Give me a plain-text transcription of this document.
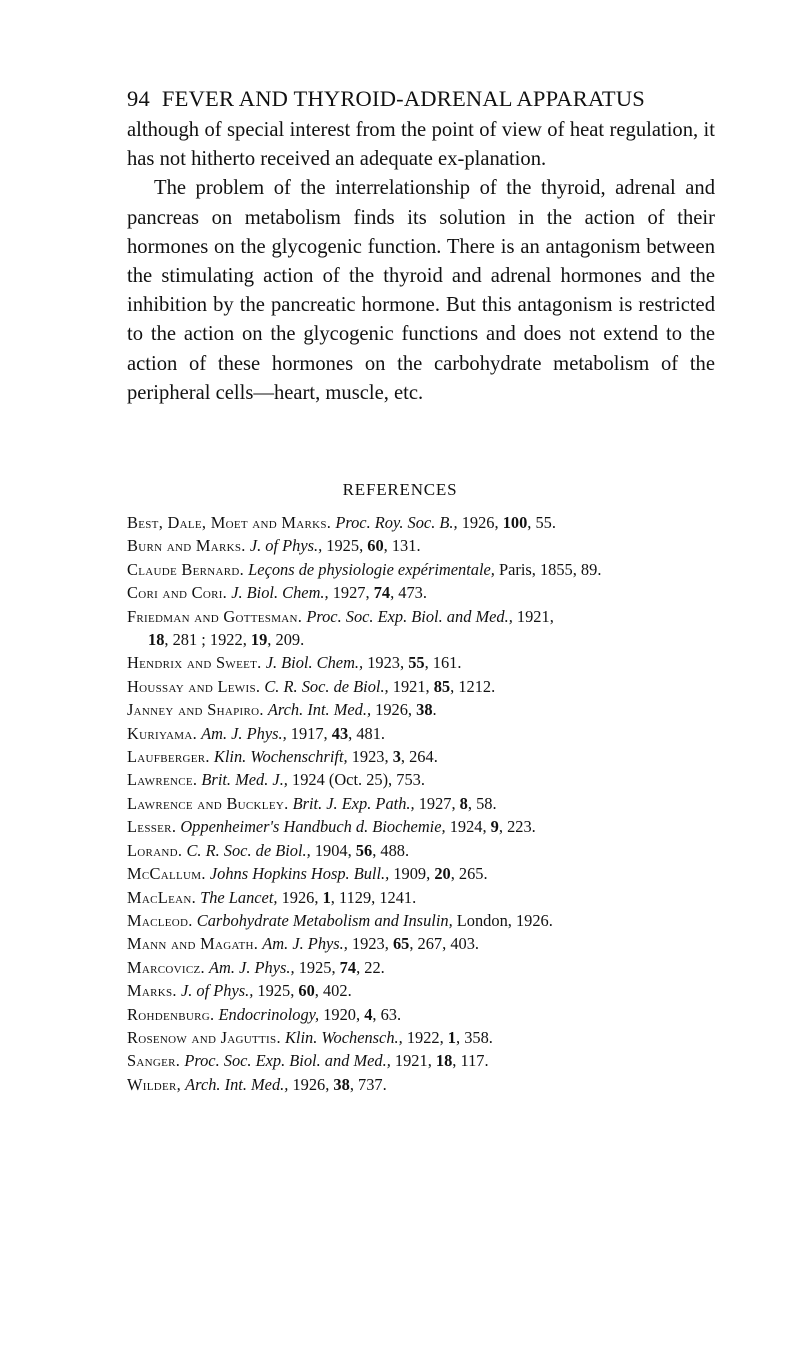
94 FEVER AND THYROID-ADRENAL APPARATUS

although of special interest from the point of view of heat regulation, it has not hitherto received an adequate ex-planation.

The problem of the interrelationship of the thyroid, adrenal and pancreas on metabolism finds its solution in the action of their hormones on the glycogenic function. There is an antagonism between the stimulating action of the thyroid and adrenal hormones and the inhibition by the pancreatic hormone. But this antagonism is restricted to the action on the glycogenic functions and does not extend to the action of these hormones on the carbohydrate metabolism of the peripheral cells—heart, muscle, etc.

REFERENCES
Best, Dale, Moet and Marks. Proc. Roy. Soc. B., 1926, 100, 55.
Burn and Marks. J. of Phys., 1925, 60, 131.
Claude Bernard. Leçons de physiologie expérimentale, Paris, 1855, 89.
Cori and Cori. J. Biol. Chem., 1927, 74, 473.
Friedman and Gottesman. Proc. Soc. Exp. Biol. and Med., 1921,
18, 281 ; 1922, 19, 209.
Hendrix and Sweet. J. Biol. Chem., 1923, 55, 161.
Houssay and Lewis. C. R. Soc. de Biol., 1921, 85, 1212.
Janney and Shapiro. Arch. Int. Med., 1926, 38.
Kuriyama. Am. J. Phys., 1917, 43, 481.
Laufberger. Klin. Wochenschrift, 1923, 3, 264.
Lawrence. Brit. Med. J., 1924 (Oct. 25), 753.
Lawrence and Buckley. Brit. J. Exp. Path., 1927, 8, 58.
Lesser. Oppenheimer's Handbuch d. Biochemie, 1924, 9, 223.
Lorand. C. R. Soc. de Biol., 1904, 56, 488.
McCallum. Johns Hopkins Hosp. Bull., 1909, 20, 265.
MacLean. The Lancet, 1926, 1, 1129, 1241.
Macleod. Carbohydrate Metabolism and Insulin, London, 1926.
Mann and Magath. Am. J. Phys., 1923, 65, 267, 403.
Marcovicz. Am. J. Phys., 1925, 74, 22.
Marks. J. of Phys., 1925, 60, 402.
Rohdenburg. Endocrinology, 1920, 4, 63.
Rosenow and Jaguttis. Klin. Wochensch., 1922, 1, 358.
Sanger. Proc. Soc. Exp. Biol. and Med., 1921, 18, 117.
Wilder, Arch. Int. Med., 1926, 38, 737.
